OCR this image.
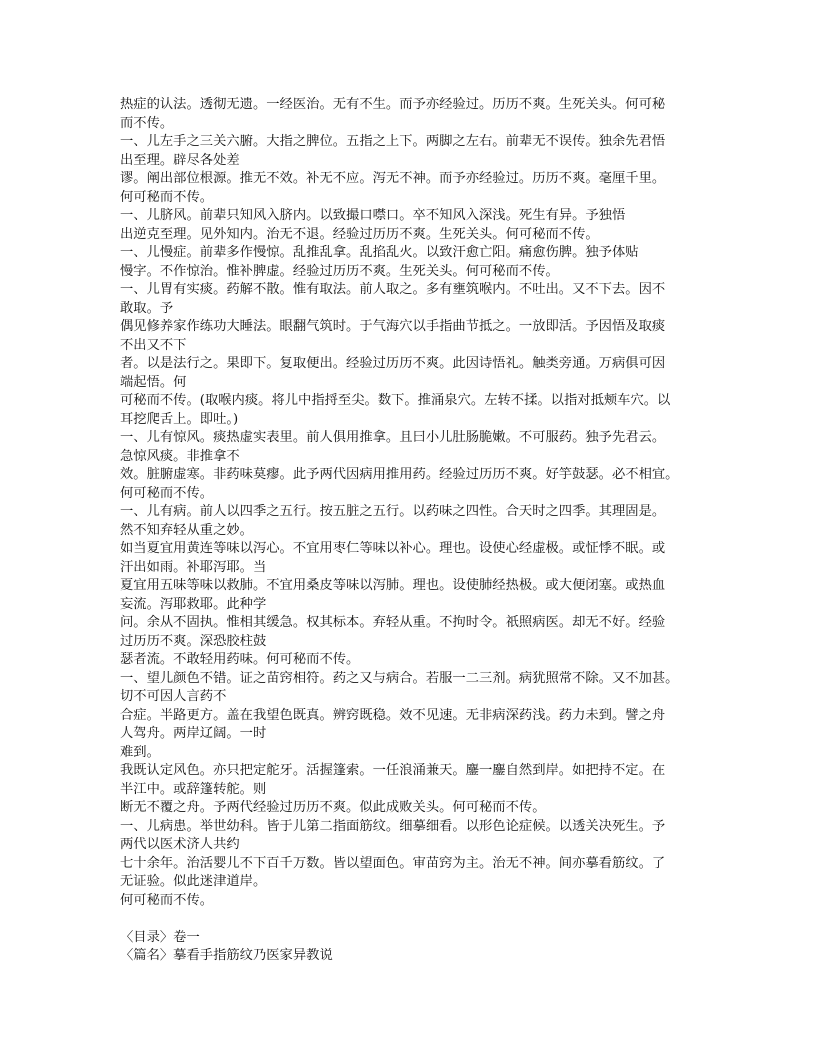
热症的认法。透彻无遗。一经医治。无有不生。而予亦经验过。历历不爽。生死关头。何可秘

而不传。

一、儿左手之三关六腑。大指之脾位。五指之上下。两脚之左右。前辈无不误传。独余先君悟

出至理。辟尽各处差

谬。阐出部位根源。推无不效。补无不应。泻无不神。而予亦经验过。历历不爽。毫厘千里。

何可秘而不传。

一、儿脐风。前辈只知风入脐内。以致撮口噤口。卒不知风入深浅。死生有异。予独悟

出逆克至理。见外知内。治无不退。经验过历历不爽。生死关头。何可秘而不传。

一、儿慢症。前辈多作慢惊。乱推乱拿。乱掐乱火。以致汗愈亡阳。痛愈伤脾。独予体贴

慢字。不作惊治。惟补脾虚。经验过历历不爽。生死关头。何可秘而不传。

一、儿胃有实痰。药解不散。惟有取法。前人取之。多有壅筑喉内。不吐出。又不下去。因不

敢取。予

偶见修养家作练功大睡法。眼翻气筑时。于气海穴以手指曲节抵之。一放即活。予因悟及取痰

不出又不下

者。以是法行之。果即下。复取便出。经验过历历不爽。此因诗悟礼。触类旁通。万病俱可因

端起悟。何

可秘而不传。(取喉内痰。将儿中指捋至尖。数下。推涌泉穴。左转不揉。以指对抵颊车穴。以

耳挖爬舌上。即吐。)

一、儿有惊风。痰热虚实表里。前人俱用推拿。且曰小儿肚肠脆嫩。不可服药。独予先君云。

急惊风痰。非推拿不

效。脏腑虚寒。非药味莫瘳。此予两代因病用推用药。经验过历历不爽。好竽鼓瑟。必不相宜。

何可秘而不传。

一、儿有病。前人以四季之五行。按五脏之五行。以药味之四性。合天时之四季。其理固是。

然不知弃轻从重之妙。

如当夏宜用黄连等味以泻心。不宜用枣仁等味以补心。理也。设使心经虚极。或怔悸不眠。或

汗出如雨。补耶泻耶。当

夏宜用五味等味以救肺。不宜用桑皮等味以泻肺。理也。设使肺经热极。或大便闭塞。或热血

妄流。泻耶救耶。此种学

问。余从不固执。惟相其缓急。权其标本。弃轻从重。不拘时令。祇照病医。却无不好。经验

过历历不爽。深恐胶柱鼓

瑟者流。不敢轻用药味。何可秘而不传。

一、望儿颜色不错。证之苗窍相符。药之又与病合。若服一二三剂。病犹照常不除。又不加甚。

切不可因人言药不

合症。半路更方。盖在我望色既真。辨窍既稳。效不见速。无非病深药浅。药力未到。譬之舟

人驾舟。两岸辽阔。一时

难到。

我既认定风色。亦只把定舵牙。活握篷索。一任浪涌兼天。鏖一鏖自然到岸。如把持不定。在

半江中。或辞篷转舵。则

断无不覆之舟。予两代经验过历历不爽。似此成败关头。何可秘而不传。

一、儿病患。举世幼科。皆于儿第二指面筋纹。细摹细看。以形色论症候。以透关决死生。予

两代以医术济人共约

七十余年。治活婴儿不下百千万数。皆以望面色。审苗窍为主。治无不神。间亦摹看筋纹。了

无证验。似此迷津道岸。

何可秘而不传。

〈目录〉卷一

〈篇名〉摹看手指筋纹乃医家异教说
